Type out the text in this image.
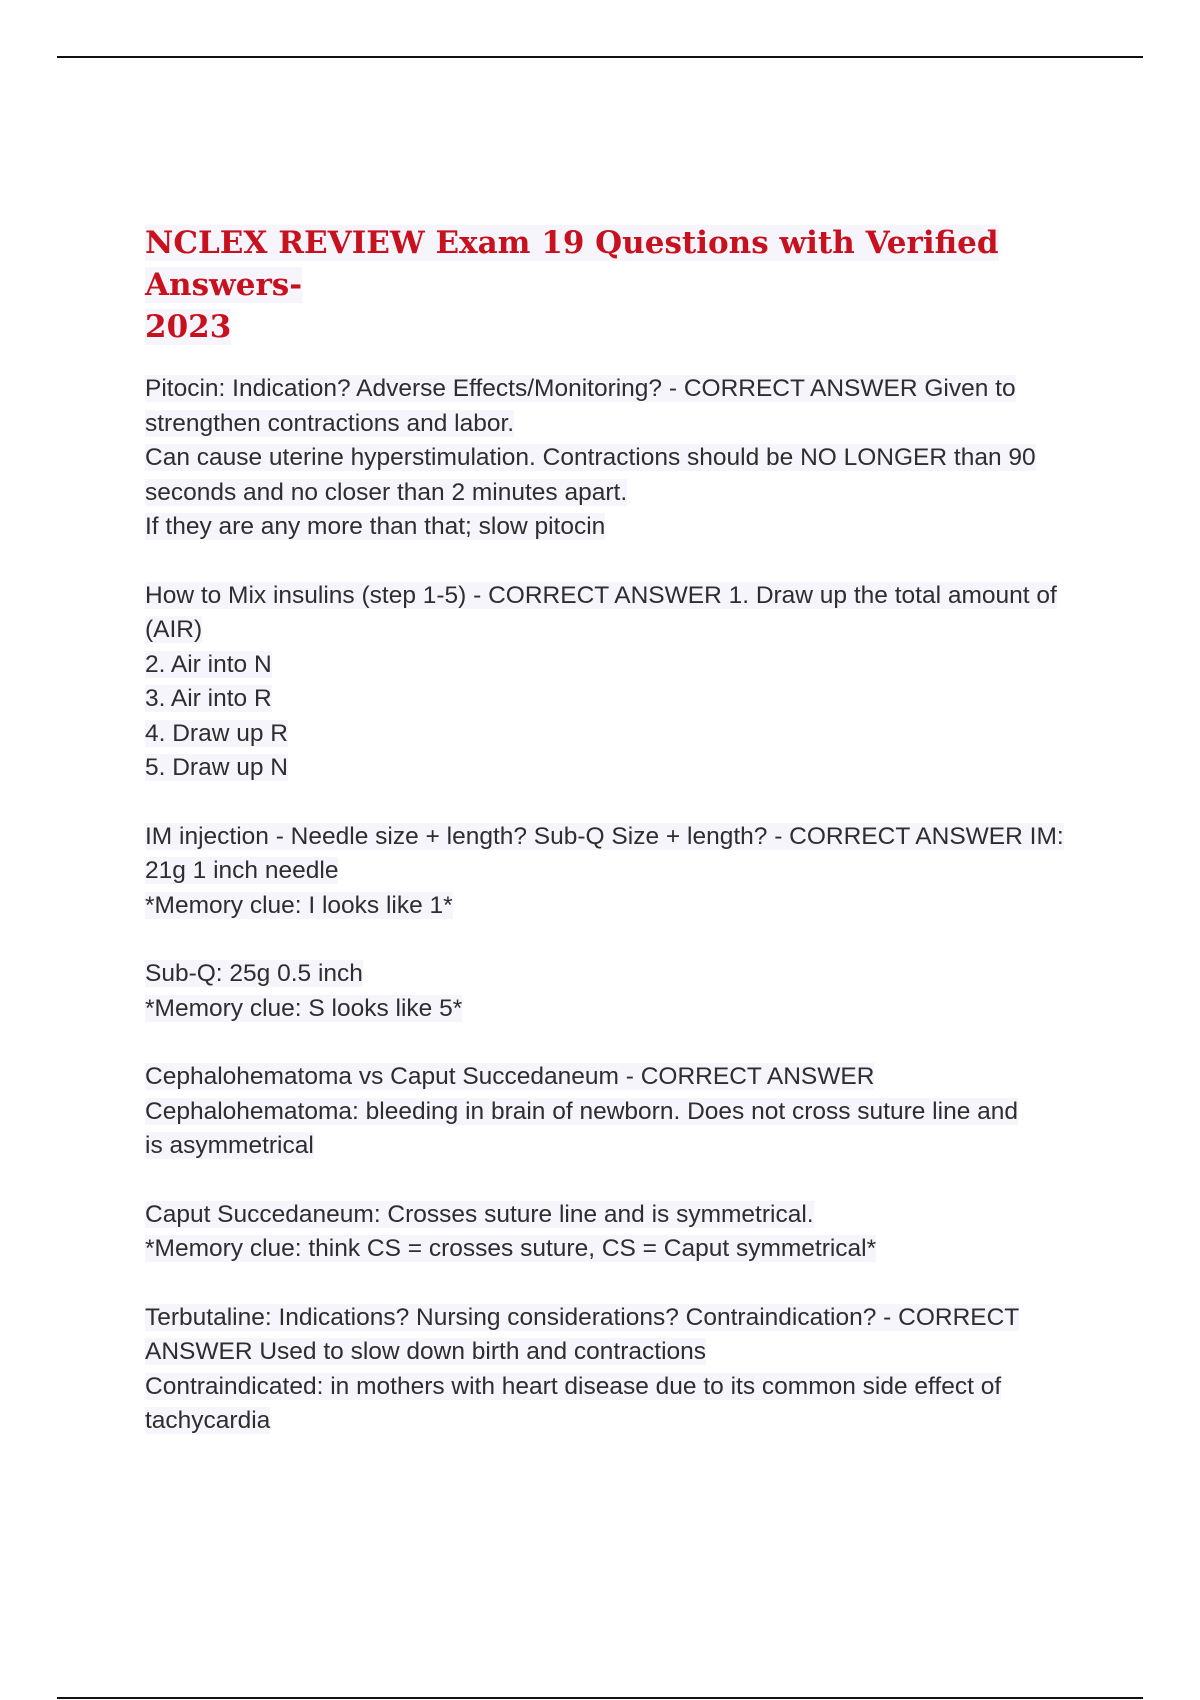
NCLEX REVIEW Exam 19 Questions with Verified Answers-
2023

Pitocin: Indication? Adverse Effects/Monitoring? - CORRECT ANSWER Given to

strengthen contractions and labor.

Can cause uterine hyperstimulation. Contractions should be NO LONGER than 90

seconds and no closer than 2 minutes apart.

If they are any more than that; slow pitocin

How to Mix insulins (step 1-5) - CORRECT ANSWER 1. Draw up the total amount of

(AIR)

2. Air into N

3. Air into R

4. Draw up R

5. Draw up N

IM injection - Needle size + length? Sub-Q Size + length? - CORRECT ANSWER IM:

21g 1 inch needle

*Memory clue: I looks like 1*

Sub-Q: 25g 0.5 inch

*Memory clue: S looks like 5*

Cephalohematoma vs Caput Succedaneum - CORRECT ANSWER

Cephalohematoma: bleeding in brain of newborn. Does not cross suture line and

is asymmetrical

Caput Succedaneum: Crosses suture line and is symmetrical.

*Memory clue: think CS = crosses suture, CS = Caput symmetrical*

Terbutaline: Indications? Nursing considerations? Contraindication? - CORRECT

ANSWER Used to slow down birth and contractions

Contraindicated: in mothers with heart disease due to its common side effect of

tachycardia
